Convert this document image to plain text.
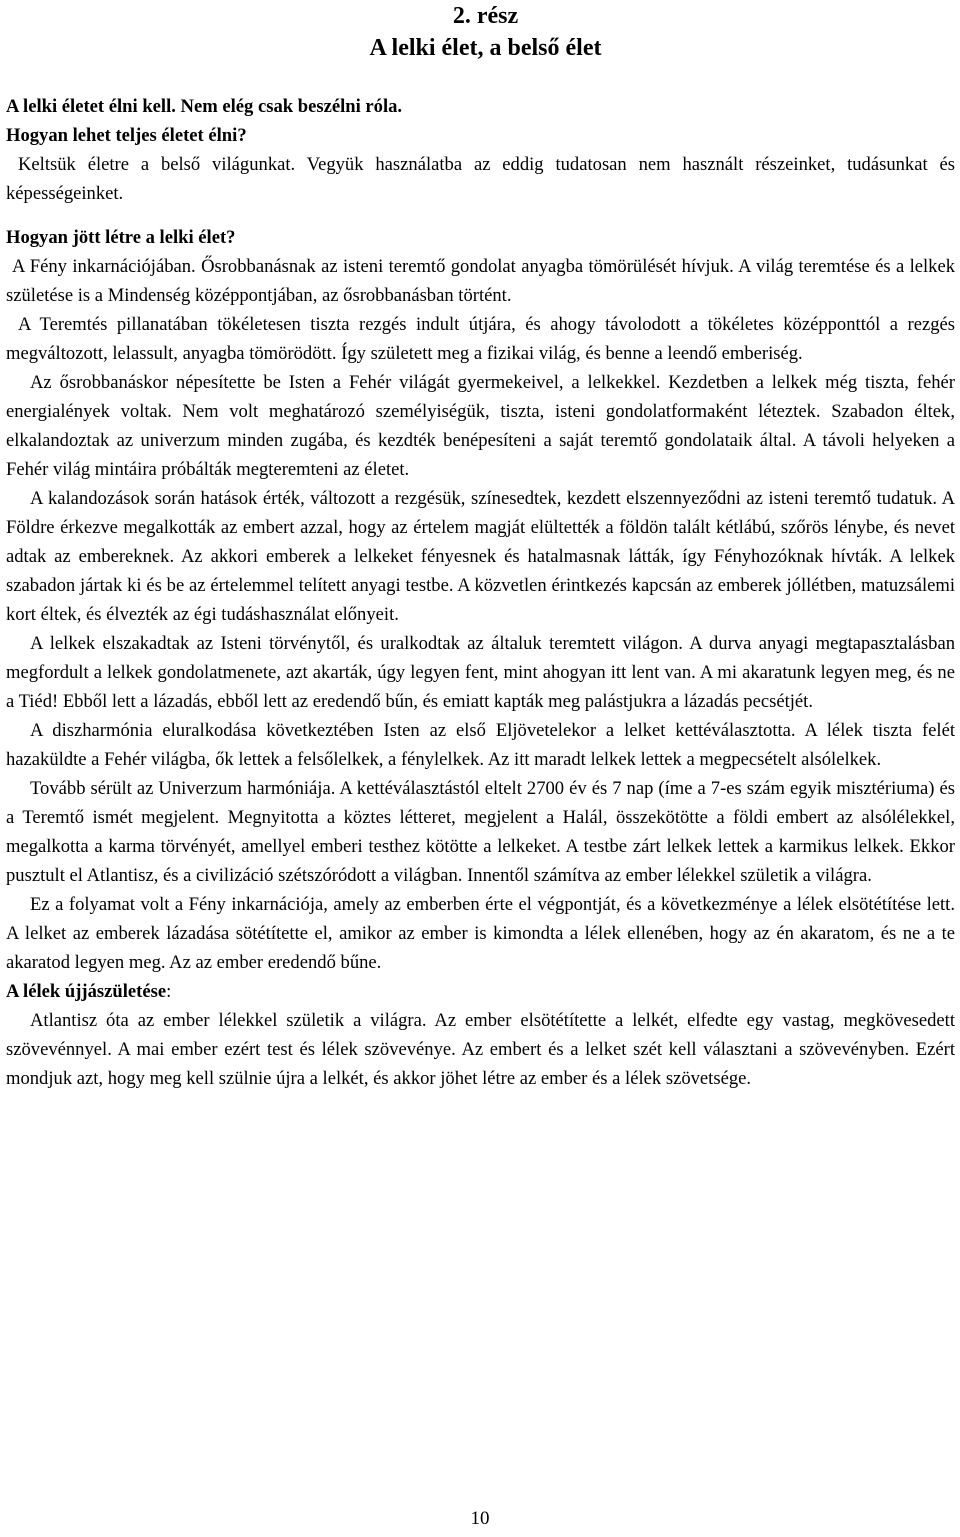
2. rész
A lelki élet, a belső élet
A lelki életet élni kell. Nem elég csak beszélni róla.
Hogyan lehet teljes életet élni?

Keltsük életre a belső világunkat. Vegyük használatba az eddig tudatosan nem használt részeinket, tudásunkat és képességeinket.

Hogyan jött létre a lelki élet?

A Fény inkarnációjában. Ősrobbanásnak az isteni teremtő gondolat anyagba tömörülését hívjuk. A világ teremtése és a lelkek születése is a Mindenség középpontjában, az ősrobbanásban történt.

A Teremtés pillanatában tökéletesen tiszta rezgés indult útjára, és ahogy távolodott a tökéletes középponttól a rezgés megváltozott, lelassult, anyagba tömörödött. Így született meg a fizikai világ, és benne a leendő emberiség.

Az ősrobbanáskor népesítette be Isten a Fehér világát gyermekeivel, a lelkekkel. Kezdetben a lelkek még tiszta, fehér energialények voltak. Nem volt meghatározó személyiségük, tiszta, isteni gondolatformaként léteztek. Szabadon éltek, elkalandoztak az univerzum minden zugába, és kezdték benépesíteni a saját teremtő gondolataik által. A távoli helyeken a Fehér világ mintáira próbálták megteremteni az életet.

A kalandozások során hatások érték, változott a rezgésük, színesedtek, kezdett elszennyeződni az isteni teremtő tudatuk. A Földre érkezve megalkották az embert azzal, hogy az értelem magját elültették a földön talált kétlábú, szőrös lénybe, és nevet adtak az embereknek. Az akkori emberek a lelkeket fényesnek és hatalmasnak látták, így Fényhozóknak hívták. A lelkek szabadon jártak ki és be az értelemmel telített anyagi testbe. A közvetlen érintkezés kapcsán az emberek jóllétben, matuzsálemi kort éltek, és élvezték az égi tudáshasználat előnyeit.

A lelkek elszakadtak az Isteni törvénytől, és uralkodtak az általuk teremtett világon. A durva anyagi megtapasztalásban megfordult a lelkek gondolatmenete, azt akarták, úgy legyen fent, mint ahogyan itt lent van. A mi akaratunk legyen meg, és ne a Tiéd! Ebből lett a lázadás, ebből lett az eredendő bűn, és emiatt kapták meg palástjukra a lázadás pecsétjét.

A diszharmónia eluralkodása következtében Isten az első Eljövetelekor a lelket kettéválasztotta. A lélek tiszta felét hazaküldte a Fehér világba, ők lettek a felsőlelkek, a fénylelkek. Az itt maradt lelkek lettek a megpecsételt alsólelkek.

Tovább sérült az Univerzum harmóniája. A kettéválasztástól eltelt 2700 év és 7 nap (íme a 7-es szám egyik misztériuma) és a Teremtő ismét megjelent. Megnyitotta a köztes létteret, megjelent a Halál, összekötötte a földi embert az alsólélekkel, megalkotta a karma törvényét, amellyel emberi testhez kötötte a lelkeket. A testbe zárt lelkek lettek a karmikus lelkek. Ekkor pusztult el Atlantisz, és a civilizáció szétszóródott a világban. Innentől számítva az ember lélekkel születik a világra.

Ez a folyamat volt a Fény inkarnációja, amely az emberben érte el végpontját, és a következménye a lélek elsötétítése lett. A lelket az emberek lázadása sötétítette el, amikor az ember is kimondta a lélek ellenében, hogy az én akaratom, és ne a te akaratod legyen meg. Az az ember eredendő bűne.

A lélek újjászületése:

Atlantisz óta az ember lélekkel születik a világra. Az ember elsötétítette a lelkét, elfedte egy vastag, megkövesedett szövevénnyel. A mai ember ezért test és lélek szövevénye. Az embert és a lelket szét kell választani a szövevényben. Ezért mondjuk azt, hogy meg kell szülnie újra a lelkét, és akkor jöhet létre az ember és a lélek szövetsége.

10
